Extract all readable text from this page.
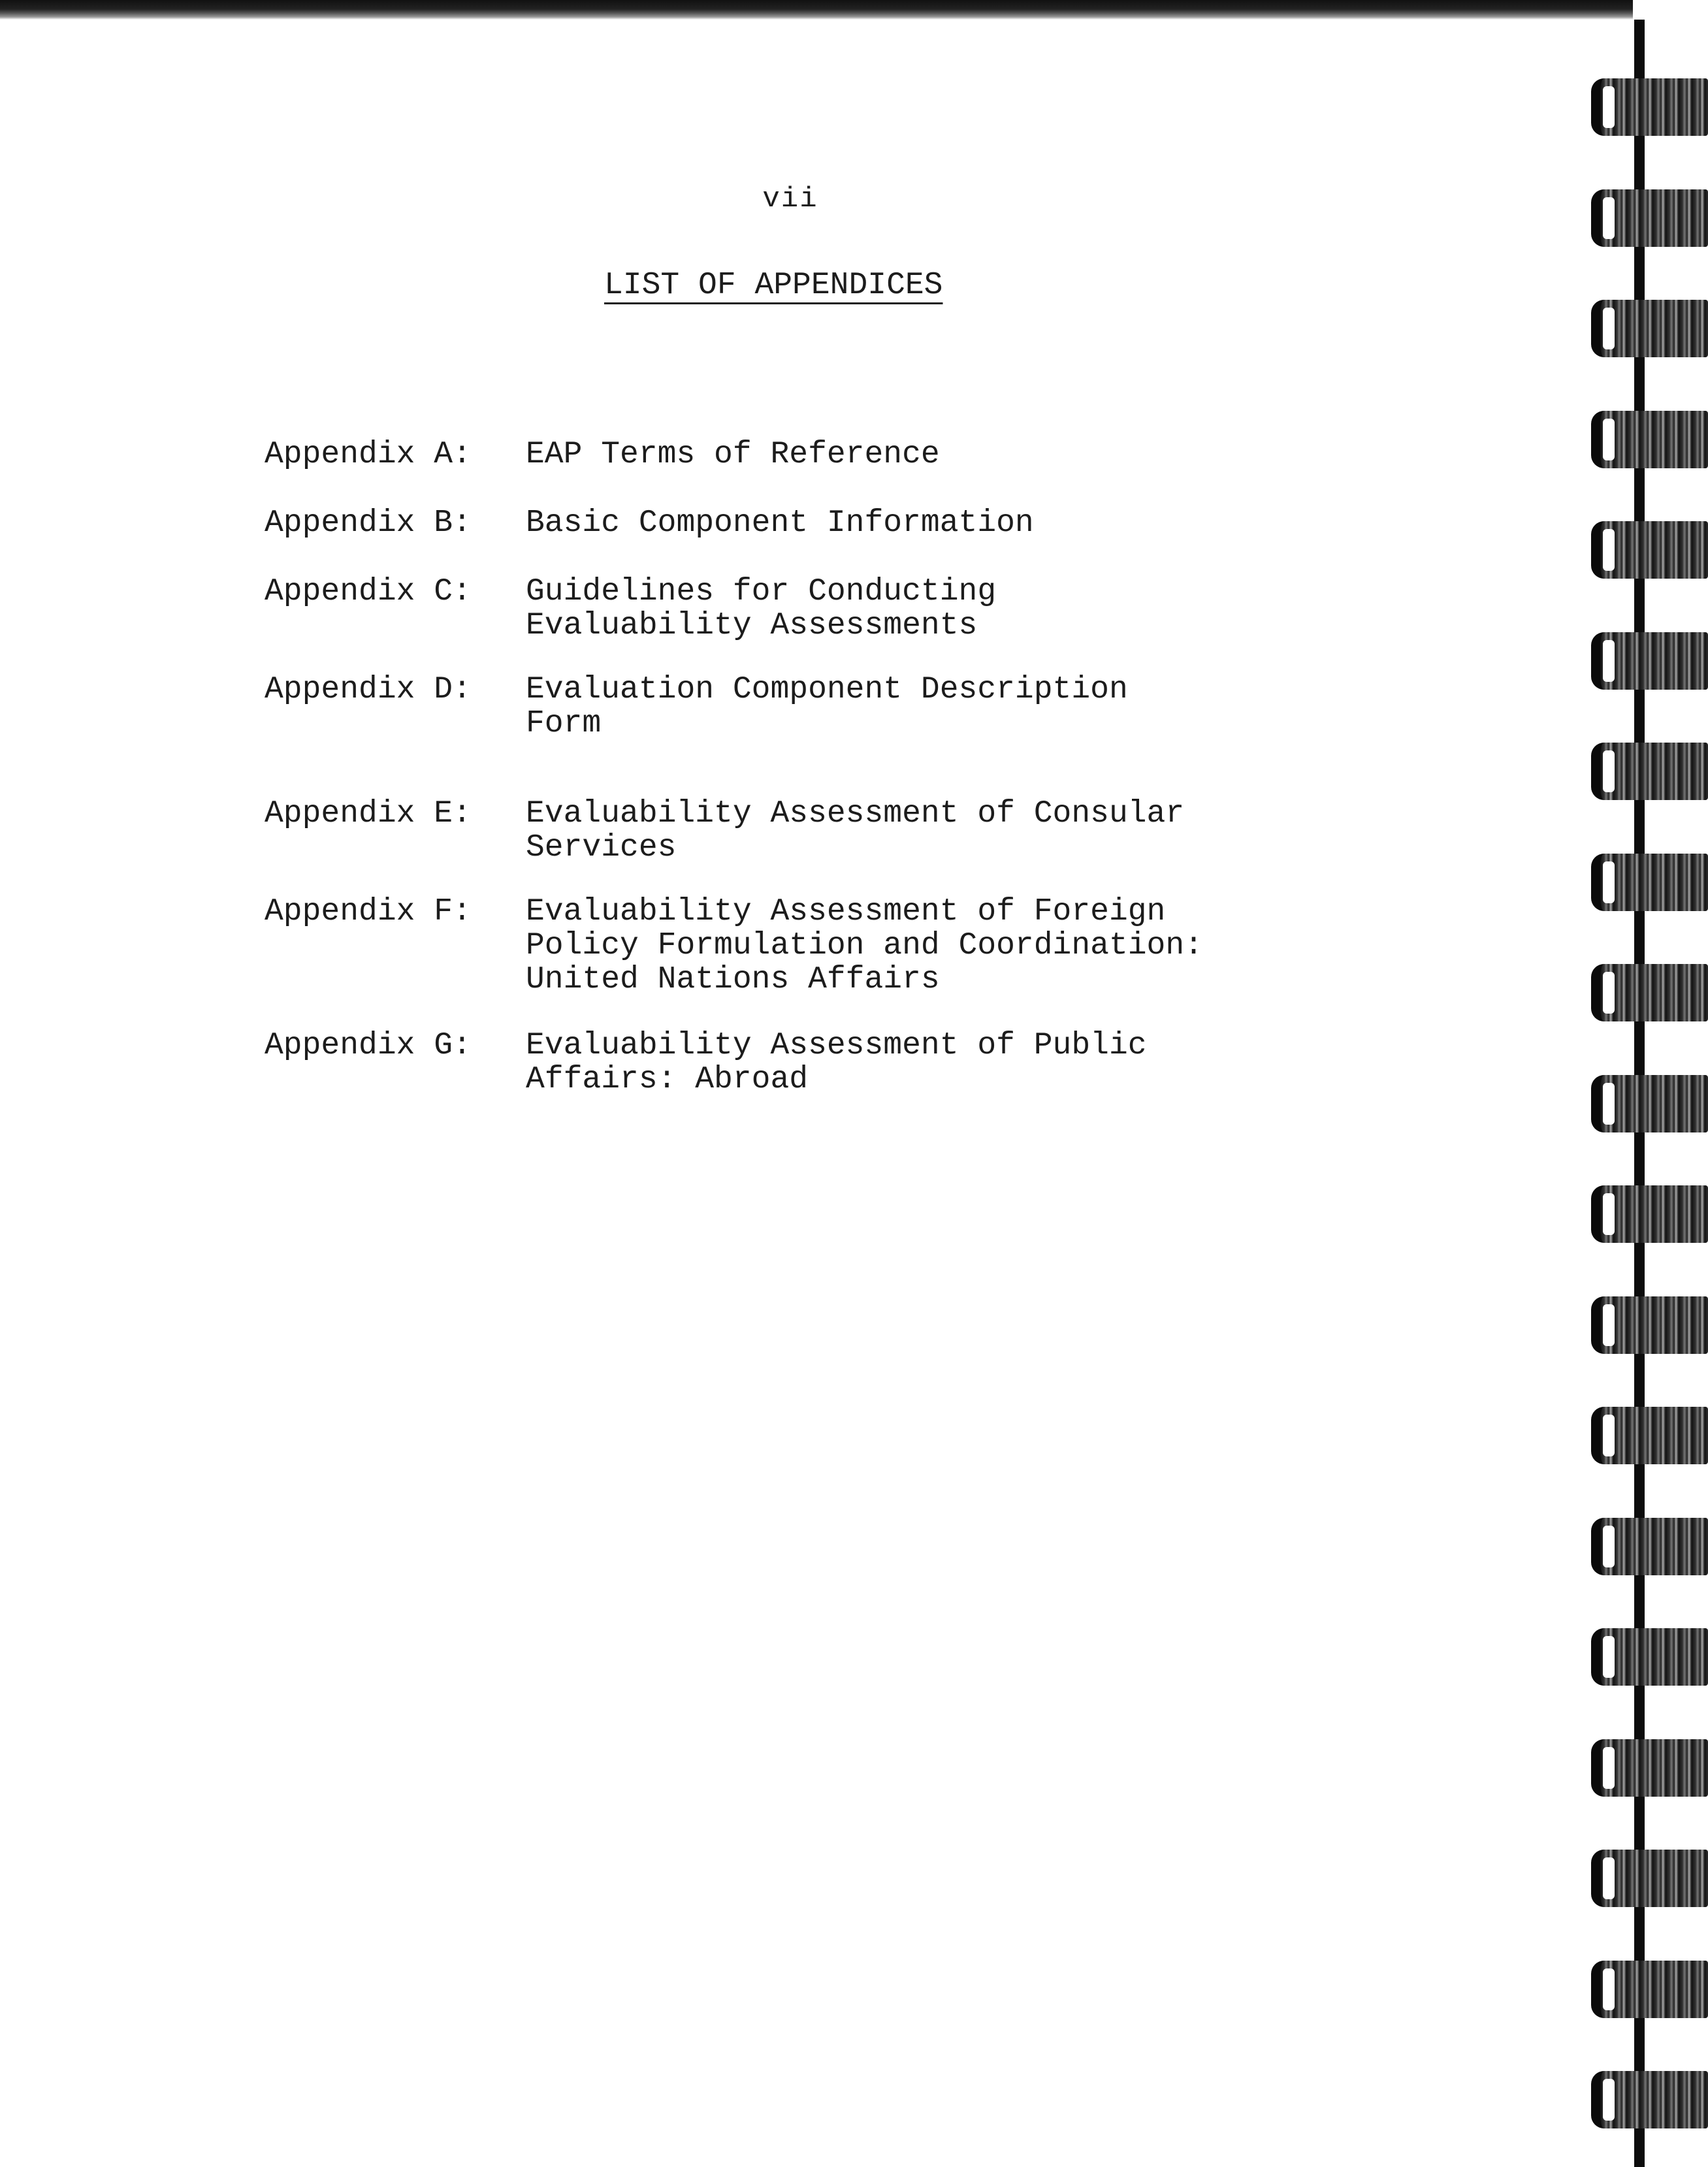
vii
LIST OF APPENDICES
Appendix A: EAP Terms of Reference
Appendix B: Basic Component Information
Appendix C: Guidelines for Conducting
Evaluability Assessments
Appendix D: Evaluation Component Description
Form
Appendix E: Evaluability Assessment of Consular
Services
Appendix F: Evaluability Assessment of Foreign
Policy Formulation and Coordination:
United Nations Affairs
Appendix G: Evaluability Assessment of Public
Affairs: Abroad
